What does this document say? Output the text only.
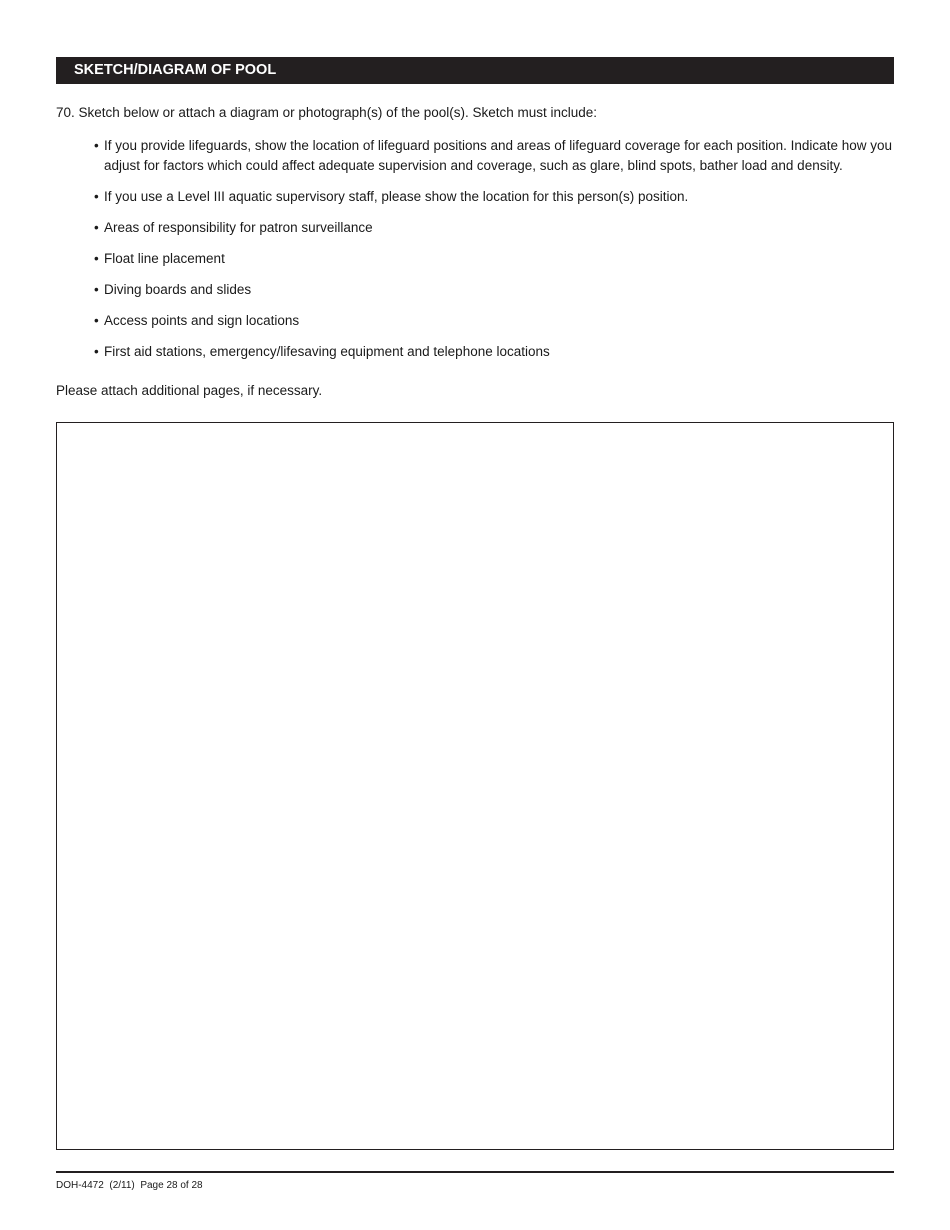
SKETCH/DIAGRAM OF POOL

70. Sketch below or attach a diagram or photograph(s) of the pool(s). Sketch must include:

• If you provide lifeguards, show the location of lifeguard positions and areas of lifeguard coverage for each position. Indicate how you adjust for factors which could affect adequate supervision and coverage, such as glare, blind spots, bather load and density.
• If you use a Level III aquatic supervisory staff, please show the location for this person(s) position.
• Areas of responsibility for patron surveillance
• Float line placement
• Diving boards and slides
• Access points and sign locations
• First aid stations, emergency/lifesaving equipment and telephone locations

Please attach additional pages, if necessary.

DOH-4472 (2/11) Page 28 of 28
